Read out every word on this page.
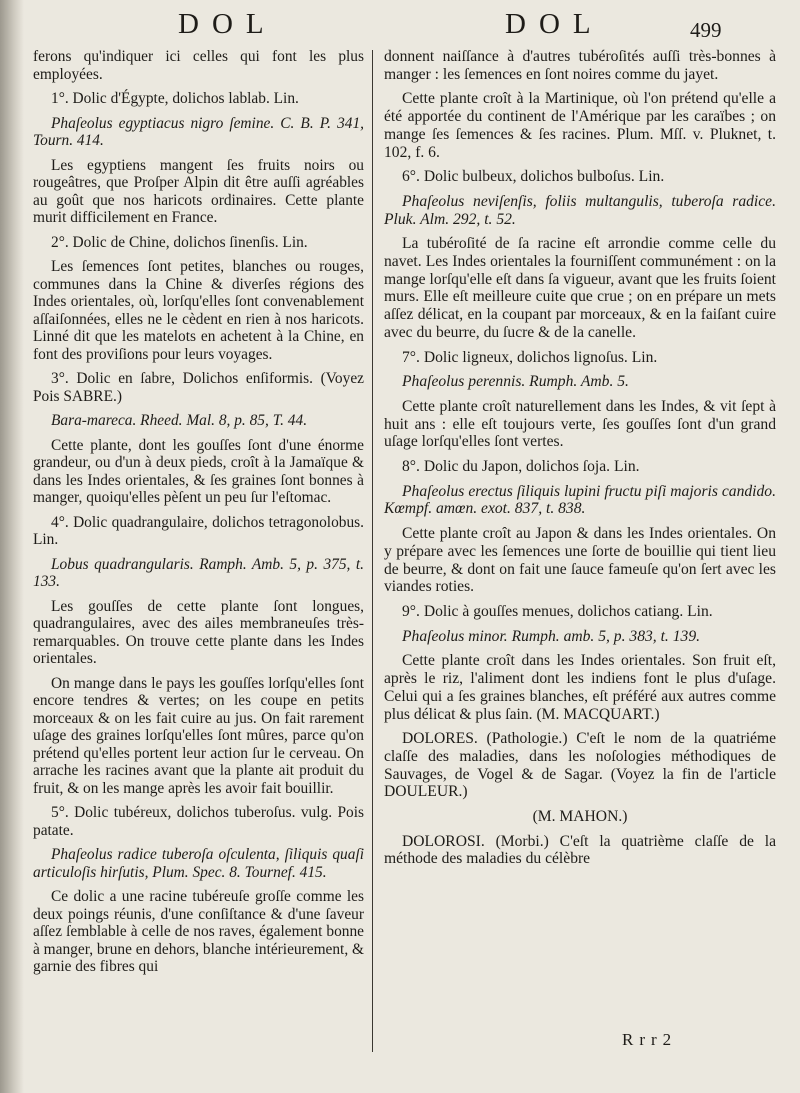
DOL	DOL	499

ferons qu'indiquer ici celles qui font les plus employées.

1°. Dolic d'Égypte, dolichos lablab. Lin.

Phaſeolus egyptiacus nigro ſemine. C. B. P. 341, Tourn. 414.

Les egyptiens mangent ſes fruits noirs ou rougeâtres, que Proſper Alpin dit être auſſi agréables au goût que nos haricots ordinaires. Cette plante murit difficilement en France.

2°. Dolic de Chine, dolichos ſinenſis. Lin.

Les ſemences ſont petites, blanches ou rouges, communes dans la Chine & diverſes régions des Indes orientales, où, lorſqu'elles ſont convenablement aſſaiſonnées, elles ne le cèdent en rien à nos haricots. Linné dit que les matelots en achetent à la Chine, en font des proviſions pour leurs voyages.

3°. Dolic en ſabre, Dolichos enſiformis. (Voyez Pois SABRE.)

Bara-mareca. Rheed. Mal. 8, p. 85, T. 44.

Cette plante, dont les gouſſes ſont d'une énorme grandeur, ou d'un à deux pieds, croît à la Jamaïque & dans les Indes orientales, & ſes graines ſont bonnes à manger, quoiqu'elles pèſent un peu ſur l'eſtomac.

4°. Dolic quadrangulaire, dolichos tetragonolobus. Lin.

Lobus quadrangularis. Ramph. Amb. 5, p. 375, t. 133.

Les gouſſes de cette plante ſont longues, quadrangulaires, avec des ailes membraneuſes très-remarquables. On trouve cette plante dans les Indes orientales.

On mange dans le pays les gouſſes lorſqu'elles ſont encore tendres & vertes; on les coupe en petits morceaux & on les fait cuire au jus. On fait rarement uſage des graines lorſqu'elles ſont mûres, parce qu'on prétend qu'elles portent leur action ſur le cerveau. On arrache les racines avant que la plante ait produit du fruit, & on les mange après les avoir fait bouillir.

5°. Dolic tubéreux, dolichos tuberoſus. vulg. Pois patate.

Phaſeolus radice tuberoſa oſculenta, ſiliquis quaſi articuloſis hirſutis, Plum. Spec. 8. Tournef. 415.

Ce dolic a une racine tubéreuſe groſſe comme les deux poings réunis, d'une conſiſtance & d'une ſaveur aſſez ſemblable à celle de nos raves, également bonne à manger, brune en dehors, blanche intérieurement, & garnie des fibres qui

donnent naiſſance à d'autres tubéroſités auſſi très-bonnes à manger : les ſemences en ſont noires comme du jayet.

Cette plante croît à la Martinique, où l'on prétend qu'elle a été apportée du continent de l'Amérique par les caraïbes ; on mange ſes ſemences & ſes racines. Plum. Mſſ. v. Pluknet, t. 102, f. 6.

6°. Dolic bulbeux, dolichos bulboſus. Lin.

Phaſeolus neviſenſis, foliis multangulis, tuberoſa radice. Pluk. Alm. 292, t. 52.

La tubéroſité de ſa racine eſt arrondie comme celle du navet. Les Indes orientales la fourniſſent communément : on la mange lorſqu'elle eſt dans ſa vigueur, avant que les fruits ſoient murs. Elle eſt meilleure cuite que crue ; on en prépare un mets aſſez délicat, en la coupant par morceaux, & en la faiſant cuire avec du beurre, du ſucre & de la canelle.

7°. Dolic ligneux, dolichos lignoſus. Lin.

Phaſeolus perennis. Rumph. Amb. 5.

Cette plante croît naturellement dans les Indes, & vit ſept à huit ans : elle eſt toujours verte, ſes gouſſes ſont d'un grand uſage lorſqu'elles ſont vertes.

8°. Dolic du Japon, dolichos ſoja. Lin.

Phaſeolus erectus ſiliquis lupini fructu piſi majoris candido. Kœmpf. amœn. exot. 837, t. 838.

Cette plante croît au Japon & dans les Indes orientales. On y prépare avec les ſemences une ſorte de bouillie qui tient lieu de beurre, & dont on fait une ſauce fameuſe qu'on ſert avec les viandes roties.

9°. Dolic à gouſſes menues, dolichos catiang. Lin.

Phaſeolus minor. Rumph. amb. 5, p. 383, t. 139.

Cette plante croît dans les Indes orientales. Son fruit eſt, après le riz, l'aliment dont les indiens font le plus d'uſage. Celui qui a ſes graines blanches, eſt préféré aux autres comme plus délicat & plus ſain. (M. MACQUART.)

DOLORES. (Pathologie.) C'eſt le nom de la quatriéme claſſe des maladies, dans les noſologies méthodiques de Sauvages, de Vogel & de Sagar. (Voyez la fin de l'article DOULEUR.)

(M. MAHON.)

DOLOROSI. (Morbi.) C'eſt la quatrième claſſe de la méthode des maladies du célèbre

Rrr2
